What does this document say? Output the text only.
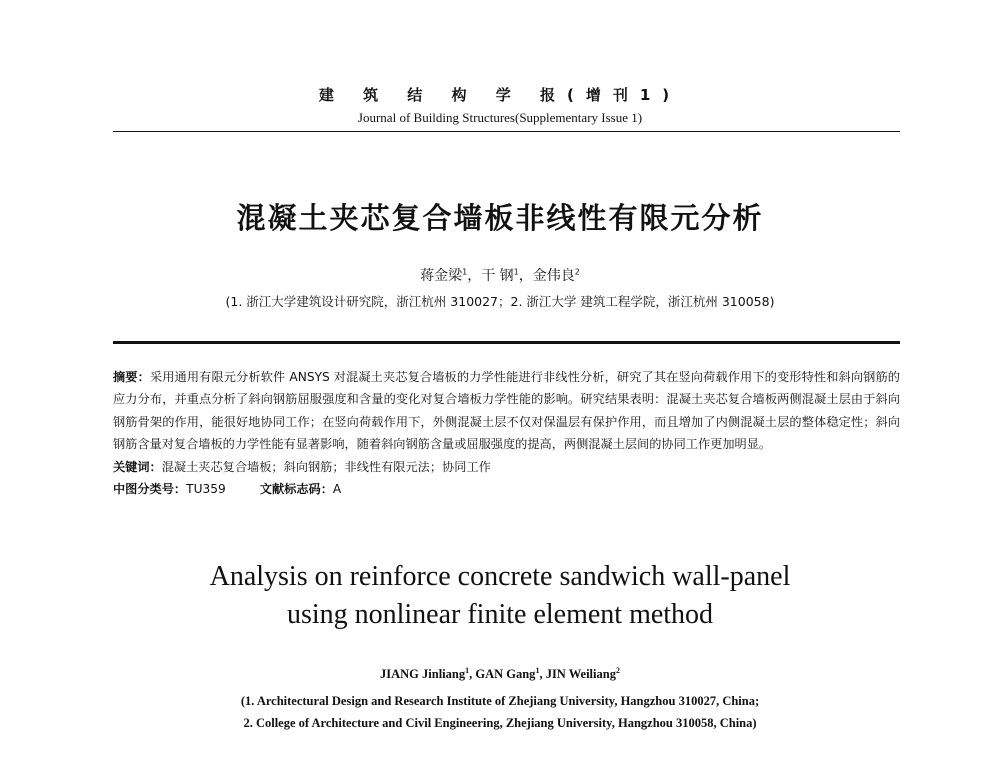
建 筑 结 构 学 报(增刊1)
Journal of Building Structures(Supplementary Issue 1)
混凝土夹芯复合墙板非线性有限元分析
蒋金梁$^1$，干 钢$^1$，金伟良$^2$
(1. 浙江大学建筑设计研究院，浙江杭州 310027；2. 浙江大学 建筑工程学院，浙江杭州 310058)

摘要：采用通用有限元分析软件 ANSYS 对混凝土夹芯复合墙板的力学性能进行非线性分析，研究了其在竖向荷载作用下的变形特性和斜向钢筋的应力分布，并重点分析了斜向钢筋屈服强度和含量的变化对复合墙板力学性能的影响。研究结果表明：混凝土夹芯复合墙板两侧混凝土层由于斜向钢筋骨架的作用，能很好地协同工作；在竖向荷载作用下，外侧混凝土层不仅对保温层有保护作用，而且增加了内侧混凝土层的整体稳定性；斜向钢筋含量对复合墙板的力学性能有显著影响，随着斜向钢筋含量或屈服强度的提高，两侧混凝土层间的协同工作更加明显。

关键词：混凝土夹芯复合墙板；斜向钢筋；非线性有限元法；协同工作

中图分类号：TU359	文献标志码：A

Analysis on reinforce concrete sandwich wall-panel
using nonlinear finite element method
JIANG Jinliang$^1$, GAN Gang$^1$, JIN Weiliang$^2$
(1. Architectural Design and Research Institute of Zhejiang University, Hangzhou 310027, China;
2. College of Architecture and Civil Engineering, Zhejiang University, Hangzhou 310058, China)
